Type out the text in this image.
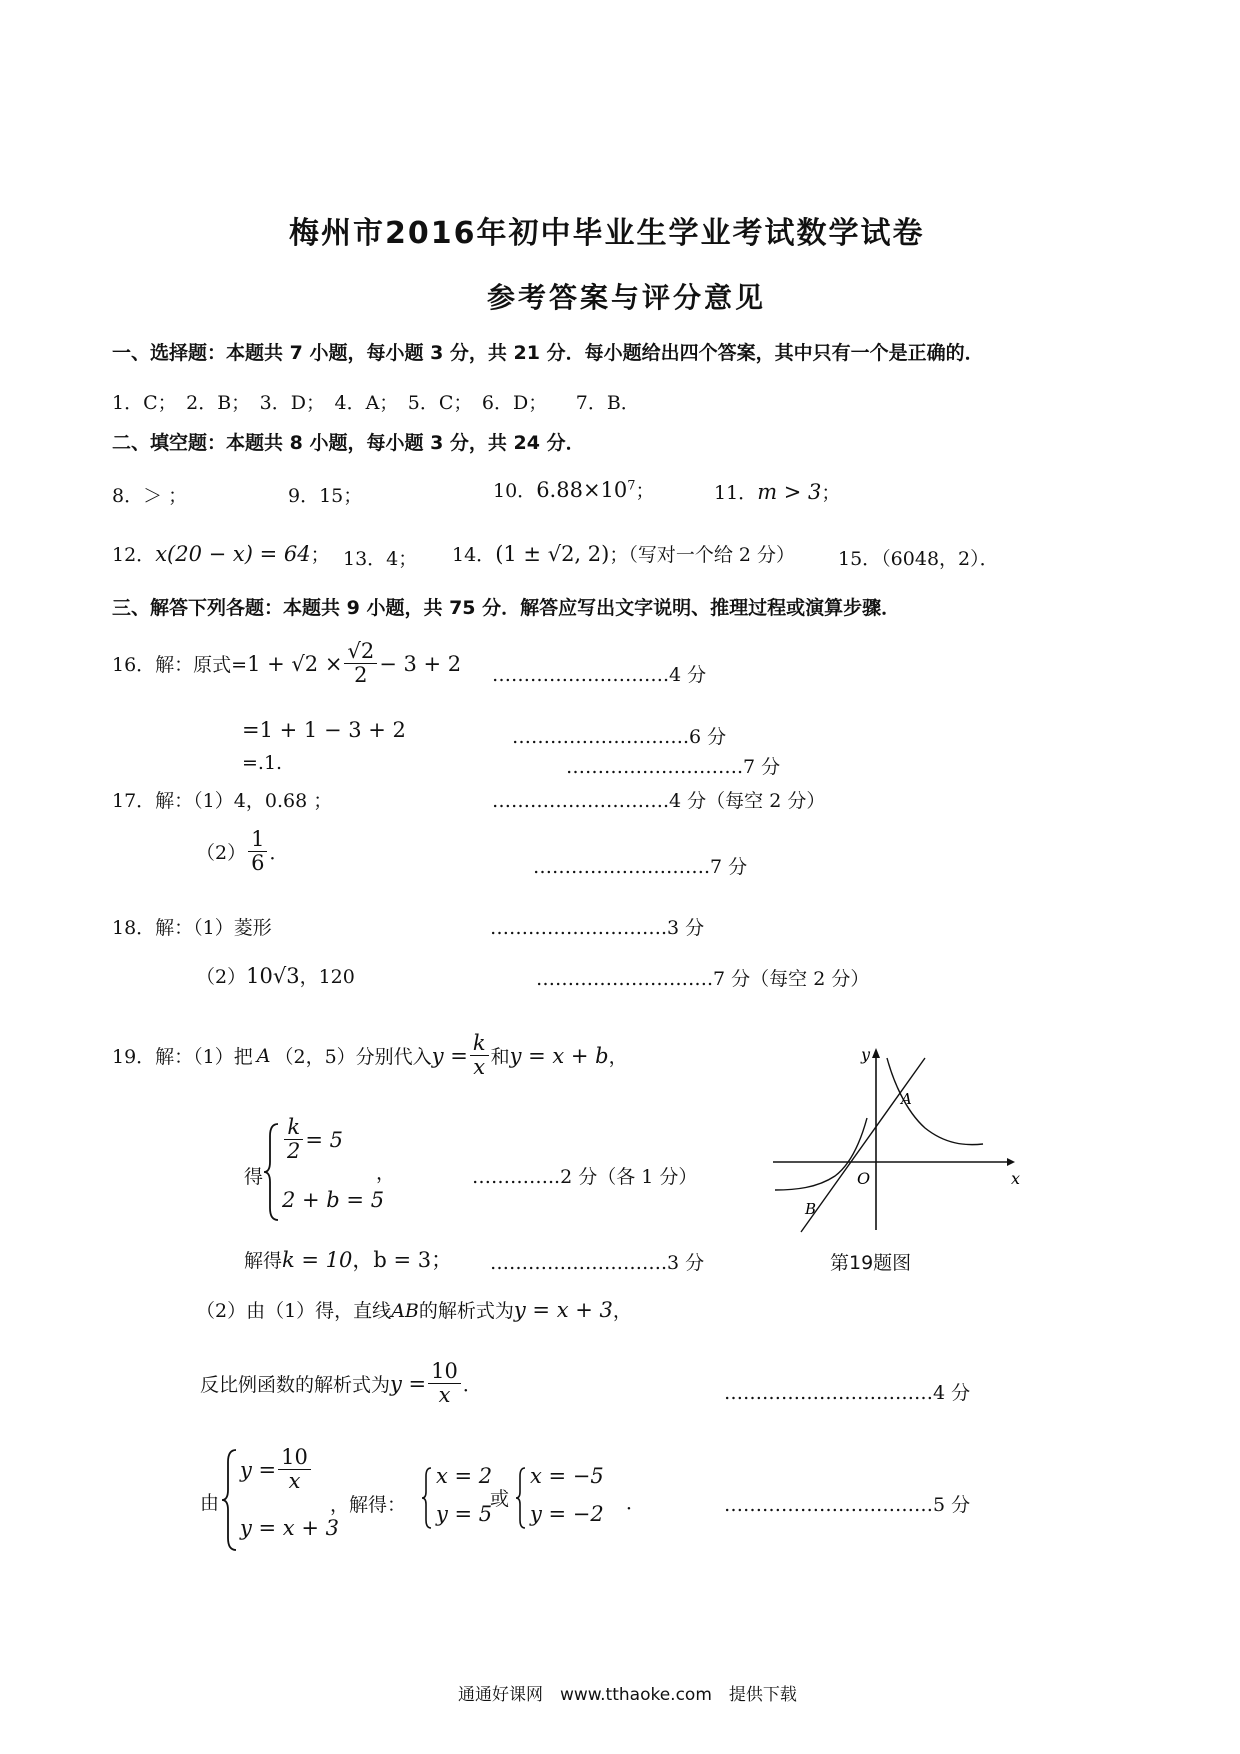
梅州市2016年初中毕业生学业考试数学试卷
参考答案与评分意见
一、选择题：本题共 7 小题，每小题 3 分，共 21 分．每小题给出四个答案，其中只有一个是正确的．
1．C；　2．B；　3．D；　4．A；　5．C；　6．D；　　7．B．
二、填空题：本题共 8 小题，每小题 3 分，共 24 分．
8．＞ ；	9．15；	10．$6.88\times 10^7$；	11．m > 3；
12．x(20 − x) = 64； 13．4； 14．(1 ± √2, 2)；（写对一个给 2 分） 15．（6048，2）．
三、解答下列各题：本题共 9 小题，共 75 分．解答应写出文字说明、推理过程或演算步骤．
16．解：原式= $1 + √2 \times \frac{√2}{2} - 3 + 2$ ……………………….4 分
=1 + 1 − 3 + 2	……………………….6 分
=.1.	……………………….7 分
17．解：（1）4，0.68 ；	……………………….4 分（每空 2 分）
$(2) \frac{1}{6}$ ．
……………………….7 分
18．解：（1）菱形	……………………….3 分
（2）10√3，120	……………………….7 分（每空 2 分）
19．解：（1）把 A （2，5）分别代入 $y = \frac{k}{x}$ 和 y = x + b ，
得
$\frac{k}{2} = 5$
2 + b = 5
，	…………..2 分（各 1 分）
解得k = 10，b = 3； ……………………….3 分
（2）由（1）得，直线AB的解析式为y = x + 3，
反比例函数的解析式为 $y = \frac{10}{x}$ ．	……………………………4 分
由
$y = \frac{10}{x}$
y = x + 3
，解得：
x = 2
y = 5
或
x = −5
y = −2 ．	……………………………5 分
y
x
O
A
B
第19题图
通通好课网　www.tthaoke.com　提供下载
